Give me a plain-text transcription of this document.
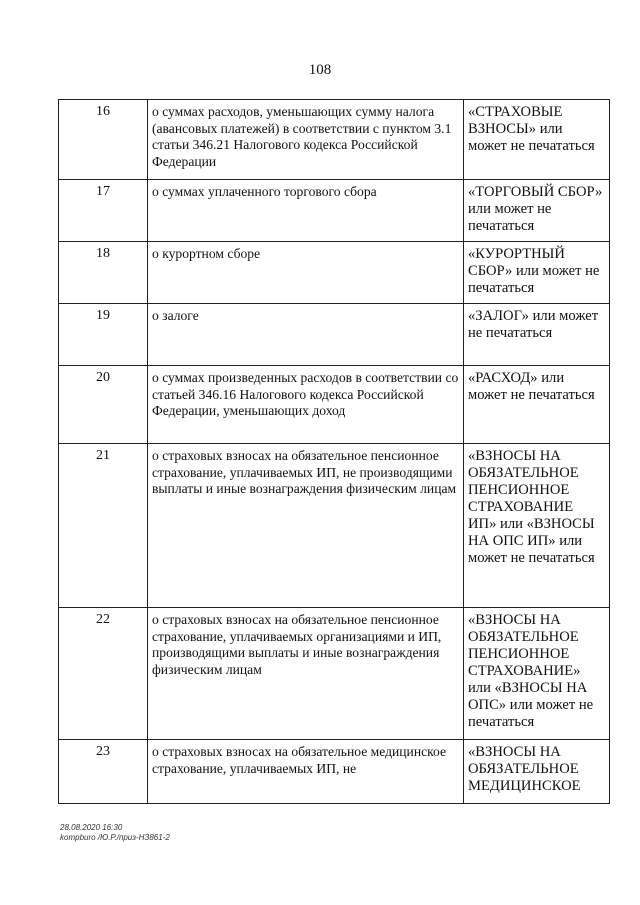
108
16	о суммах расходов, уменьшающих сумму налога (авансовых платежей) в соответствии с пунктом 3.1 статьи 346.21 Налогового кодекса Российской Федерации	«СТРАХОВЫЕ ВЗНОСЫ» или может не печататься
17	о суммах уплаченного торгового сбора	«ТОРГОВЫЙ СБОР» или может не печататься
18	о курортном сборе	«КУРОРТНЫЙ СБОР» или может не печататься
19	о залоге	«ЗАЛОГ» или может не печататься
20	о суммах произведенных расходов в соответствии со статьей 346.16 Налогового кодекса Российской Федерации, уменьшающих доход	«РАСХОД» или может не печататься
21	о страховых взносах на обязательное пенсионное страхование, уплачиваемых ИП, не производящими выплаты и иные вознаграждения физическим лицам	«ВЗНОСЫ НА ОБЯЗАТЕЛЬНОЕ ПЕНСИОННОЕ СТРАХОВАНИЕ ИП» или «ВЗНОСЫ НА ОПС ИП» или может не печататься
22	о страховых взносах на обязательное пенсионное страхование, уплачиваемых организациями и ИП, производящими выплаты и иные вознаграждения физическим лицам	«ВЗНОСЫ НА ОБЯЗАТЕЛЬНОЕ ПЕНСИОННОЕ СТРАХОВАНИЕ» или «ВЗНОСЫ НА ОПС» или может не печататься
23	о страховых взносах на обязательное медицинское страхование, уплачиваемых ИП, не	«ВЗНОСЫ НА ОБЯЗАТЕЛЬНОЕ МЕДИЦИНСКОЕ
28.08.2020 16:30
kompburo /Ю.Р./приз-НЗ861-2
